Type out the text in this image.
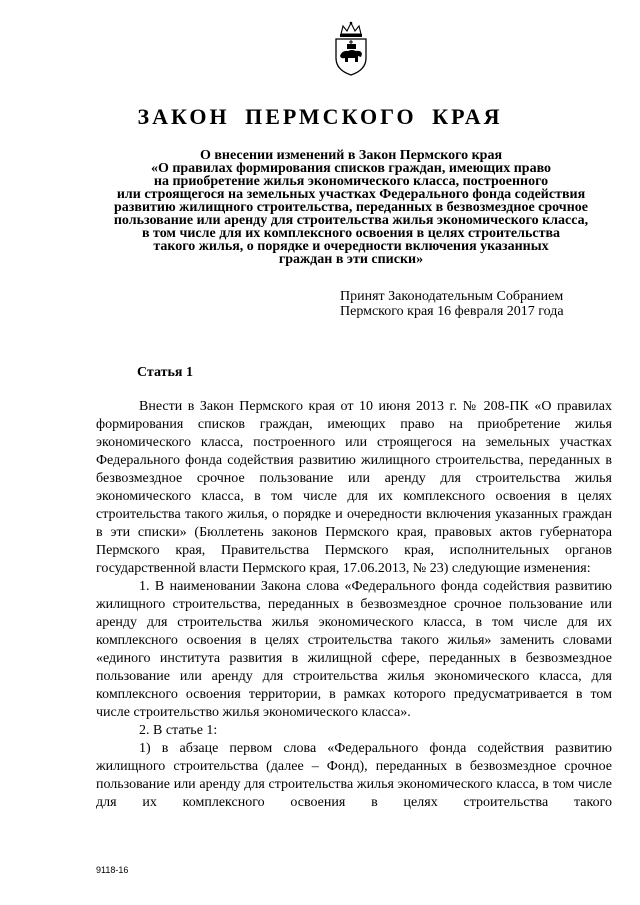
ЗАКОН ПЕРМСКОГО КРАЯ
О внесении изменений в Закон Пермского края
«О правилах формирования списков граждан, имеющих право
на приобретение жилья экономического класса, построенного
или строящегося на земельных участках Федерального фонда содействия
развитию жилищного строительства, переданных в безвозмездное срочное
пользование или аренду для строительства жилья экономического класса,
в том числе для их комплексного освоения в целях строительства
такого жилья, о порядке и очередности включения указанных
граждан в эти списки»
Принят Законодательным Собранием
Пермского края 16 февраля 2017 года
Статья 1

Внести в Закон Пермского края от 10 июня 2013 г. № 208-ПК «О правилах формирования списков граждан, имеющих право на приобретение жилья экономического класса, построенного или строящегося на земельных участках Федерального фонда содействия развитию жилищного строительства, переданных в безвозмездное срочное пользование или аренду для строительства жилья экономического класса, в том числе для их комплексного освоения в целях строительства такого жилья, о порядке и очередности включения указанных граждан в эти списки» (Бюллетень законов Пермского края, правовых актов губернатора Пермского края, Правительства Пермского края, исполнительных органов государственной власти Пермского края, 17.06.2013, № 23) следующие изменения:

1. В наименовании Закона слова «Федерального фонда содействия развитию жилищного строительства, переданных в безвозмездное срочное пользование или аренду для строительства жилья экономического класса, в том числе для их комплексного освоения в целях строительства такого жилья» заменить словами «единого института развития в жилищной сфере, переданных в безвозмездное пользование или аренду для строительства жилья экономического класса, для комплексного освоения территории, в рамках которого предусматривается в том числе строительство жилья экономического класса».

2. В статье 1:

1) в абзаце первом слова «Федерального фонда содействия развитию жилищного строительства (далее – Фонд), переданных в безвозмездное срочное пользование или аренду для строительства жилья экономического класса, в том числе для их комплексного освоения в целях строительства такого

9118-16
